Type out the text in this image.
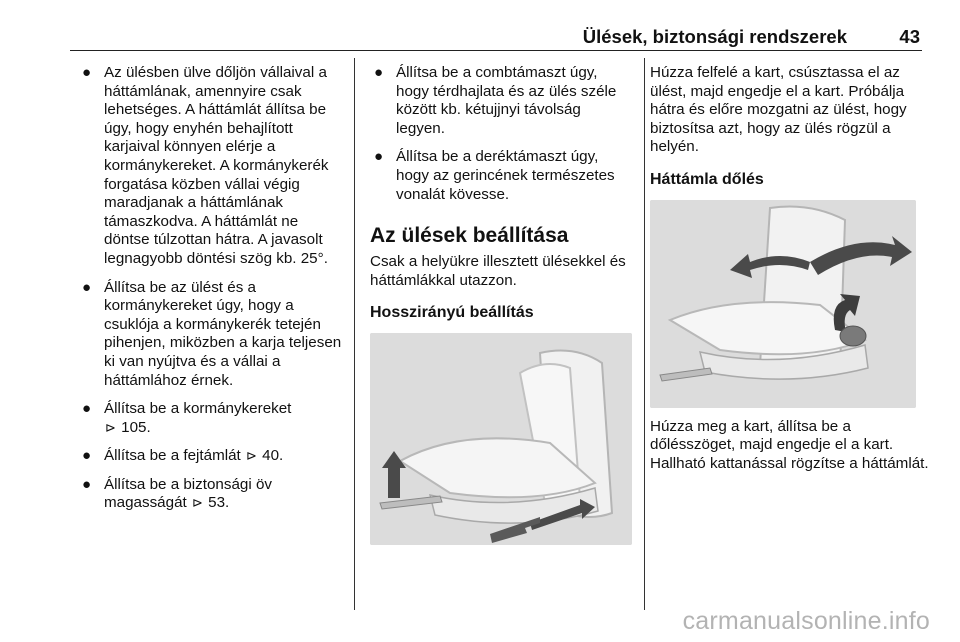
Ülések, biztonsági rendszerek	43
● Az ülésben ülve dőljön vállaival a háttámlának, amennyire csak lehetséges. A háttámlát állítsa be úgy, hogy enyhén behajlított karjaival könnyen elérje a kormánykereket. A kormánykerék forgatása közben vállai végig maradjanak a háttámlának támaszkodva. A háttámlát ne döntse túlzottan hátra. A javasolt legnagyobb döntési szög kb. 25°.
● Állítsa be az ülést és a kormánykereket úgy, hogy a csuklója a kormánykerék tetején pihenjen, miközben a karja teljesen ki van nyújtva és a vállai a háttámlához érnek.
● Állítsa be a kormánykereket
⊳ 105.
● Állítsa be a fejtámlát ⊳ 40.
● Állítsa be a biztonsági öv magasságát ⊳ 53.
● Állítsa be a combtámaszt úgy, hogy térdhajlata és az ülés széle között kb. kétujjnyi távolság legyen.
● Állítsa be a deréktámaszt úgy, hogy az gerincének természetes vonalát kövesse.
Az ülések beállítása

Csak a helyükre illesztett ülésekkel és háttámlákkal utazzon.

Hosszirányú beállítás

Húzza felfelé a kart, csúsztassa el az ülést, majd engedje el a kart. Próbálja hátra és előre mozgatni az ülést, hogy biztosítsa azt, hogy az ülés rögzül a helyén.

Háttámla dőlés

Húzza meg a kart, állítsa be a dőlésszöget, majd engedje el a kart. Hallható kattanással rögzítse a háttámlát.

carmanualsonline.info
